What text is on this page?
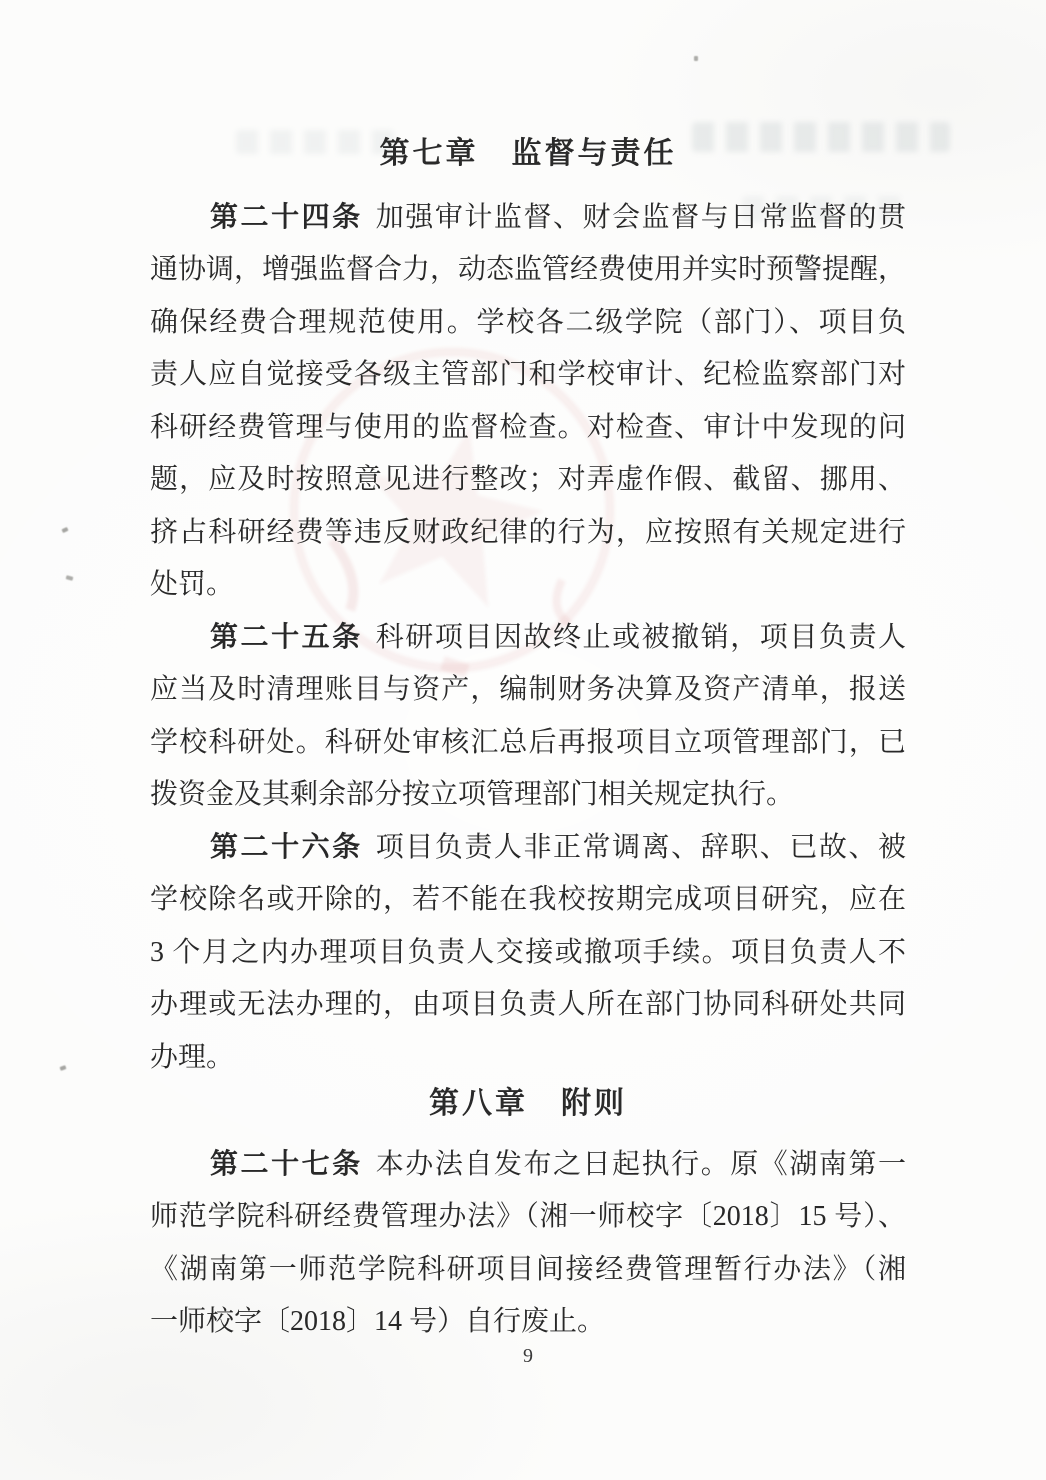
第七章　监督与责任
第二十四条 加强审计监督、财会监督与日常监督的贯
通协调，增强监督合力，动态监管经费使用并实时预警提醒，
确保经费合理规范使用。学校各二级学院（部门）、项目负
责人应自觉接受各级主管部门和学校审计、纪检监察部门对
科研经费管理与使用的监督检查。对检查、审计中发现的问
题，应及时按照意见进行整改；对弄虚作假、截留、挪用、
挤占科研经费等违反财政纪律的行为，应按照有关规定进行
处罚。
第二十五条 科研项目因故终止或被撤销，项目负责人
应当及时清理账目与资产，编制财务决算及资产清单，报送
学校科研处。科研处审核汇总后再报项目立项管理部门，已
拨资金及其剩余部分按立项管理部门相关规定执行。
第二十六条 项目负责人非正常调离、辞职、已故、被
学校除名或开除的，若不能在我校按期完成项目研究，应在
3 个月之内办理项目负责人交接或撤项手续。项目负责人不
办理或无法办理的，由项目负责人所在部门协同科研处共同
办理。
第八章　附则
第二十七条 本办法自发布之日起执行。原《湖南第一
师范学院科研经费管理办法》（湘一师校字〔2018〕15 号）、
《湖南第一师范学院科研项目间接经费管理暂行办法》（湘
一师校字〔2018〕14 号）自行废止。
9
